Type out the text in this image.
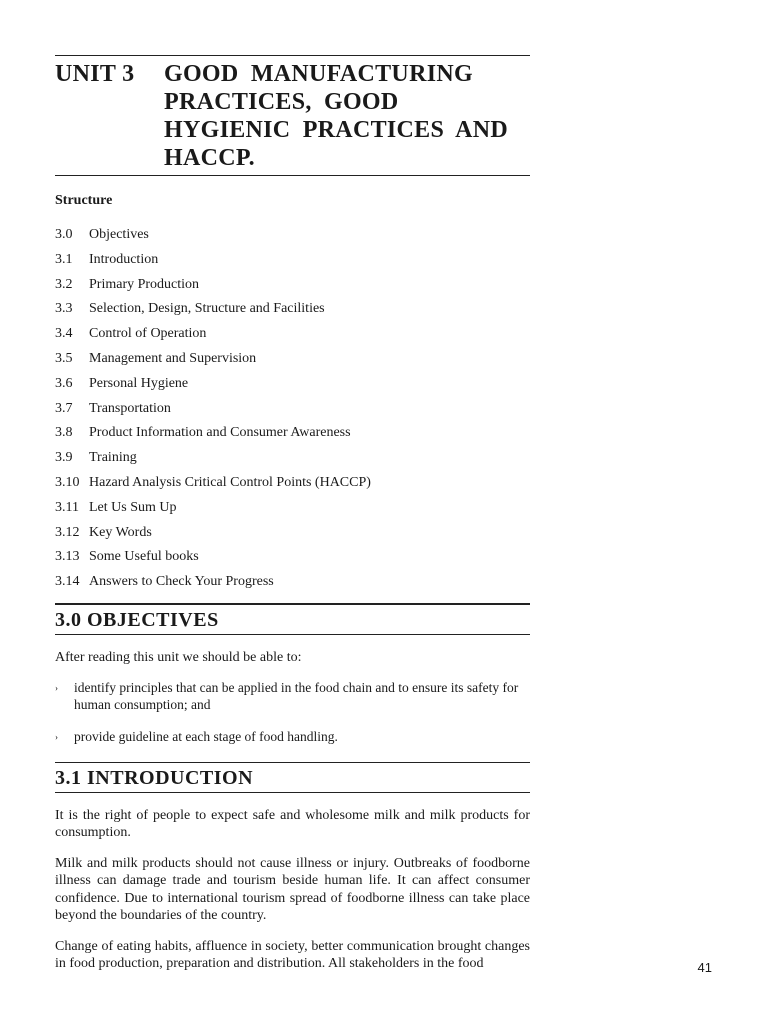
UNIT 3	GOOD MANUFACTURING
PRACTICES, GOOD
HYGIENIC PRACTICES AND
HACCP.
Structure
3.0	Objectives
3.1	Introduction
3.2	Primary Production
3.3	Selection, Design, Structure and Facilities
3.4	Control of Operation
3.5	Management and Supervision
3.6	Personal Hygiene
3.7	Transportation
3.8	Product Information and Consumer Awareness
3.9	Training
3.10 Hazard Analysis Critical Control Points (HACCP)
3.11 Let Us Sum Up
3.12 Key Words
3.13 Some Useful books
3.14 Answers to Check Your Progress
3.0 OBJECTIVES

After reading this unit we should be able to:

›	identify principles that can be applied in the food chain and to ensure its safety for human consumption; and
›	provide guideline at each stage of food handling.
3.1 INTRODUCTION

It is the right of people to expect safe and wholesome milk and milk products for consumption.

Milk and milk products should not cause illness or injury. Outbreaks of foodborne illness can damage trade and tourism beside human life. It can affect consumer confidence. Due to international tourism spread of foodborne illness can take place beyond the boundaries of the country.

Change of eating habits, affluence in society, better communication brought changes in food production, preparation and distribution. All stakeholders in the food	41
